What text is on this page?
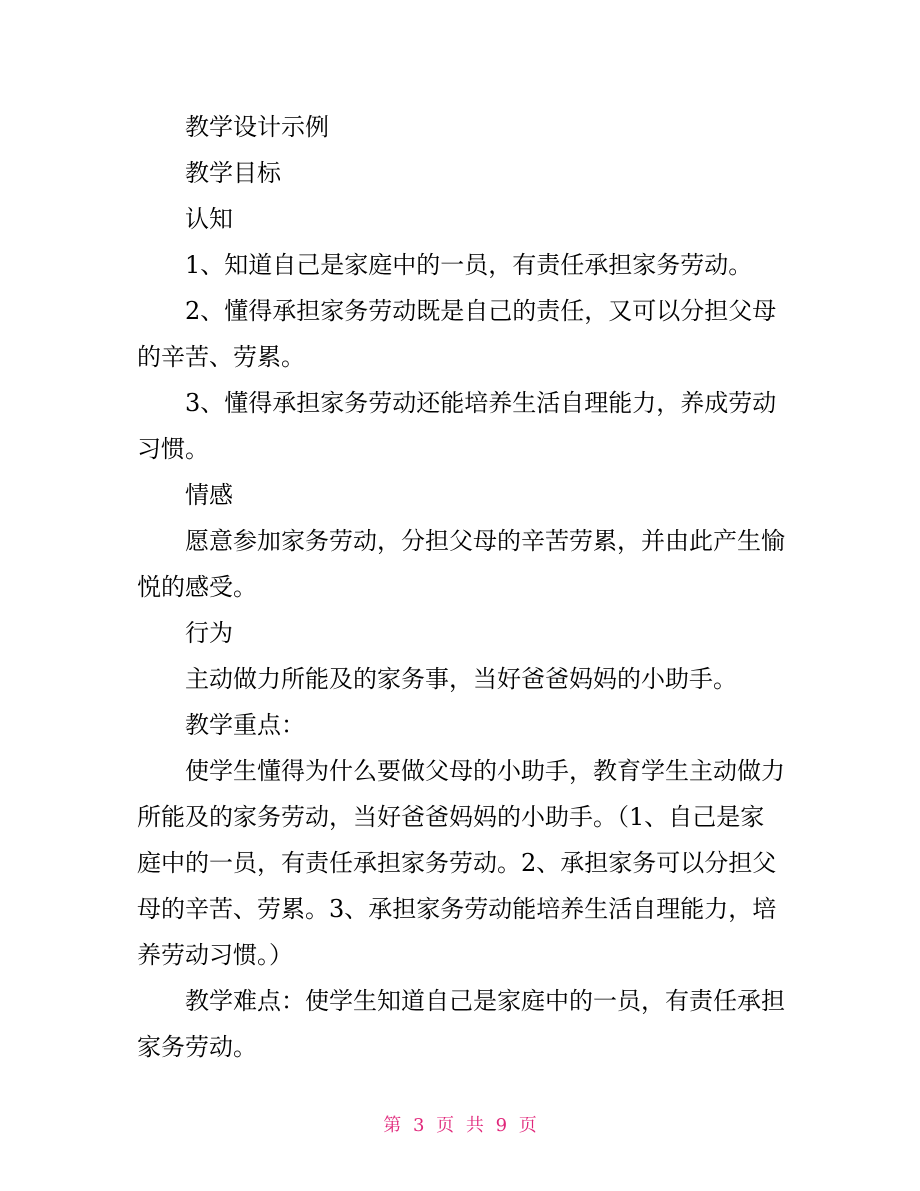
教学设计示例

教学目标

认知

1、知道自己是家庭中的一员，有责任承担家务劳动。

2、懂得承担家务劳动既是自己的责任，又可以分担父母的辛苦、劳累。

3、懂得承担家务劳动还能培养生活自理能力，养成劳动习惯。

情感

愿意参加家务劳动，分担父母的辛苦劳累，并由此产生愉悦的感受。

行为

主动做力所能及的家务事，当好爸爸妈妈的小助手。

教学重点：

使学生懂得为什么要做父母的小助手，教育学生主动做力所能及的家务劳动，当好爸爸妈妈的小助手。（1、自己是家庭中的一员，有责任承担家务劳动。2、承担家务可以分担父母的辛苦、劳累。3、承担家务劳动能培养生活自理能力，培养劳动习惯。）

教学难点：使学生知道自己是家庭中的一员，有责任承担家务劳动。

第 3 页 共 9 页
